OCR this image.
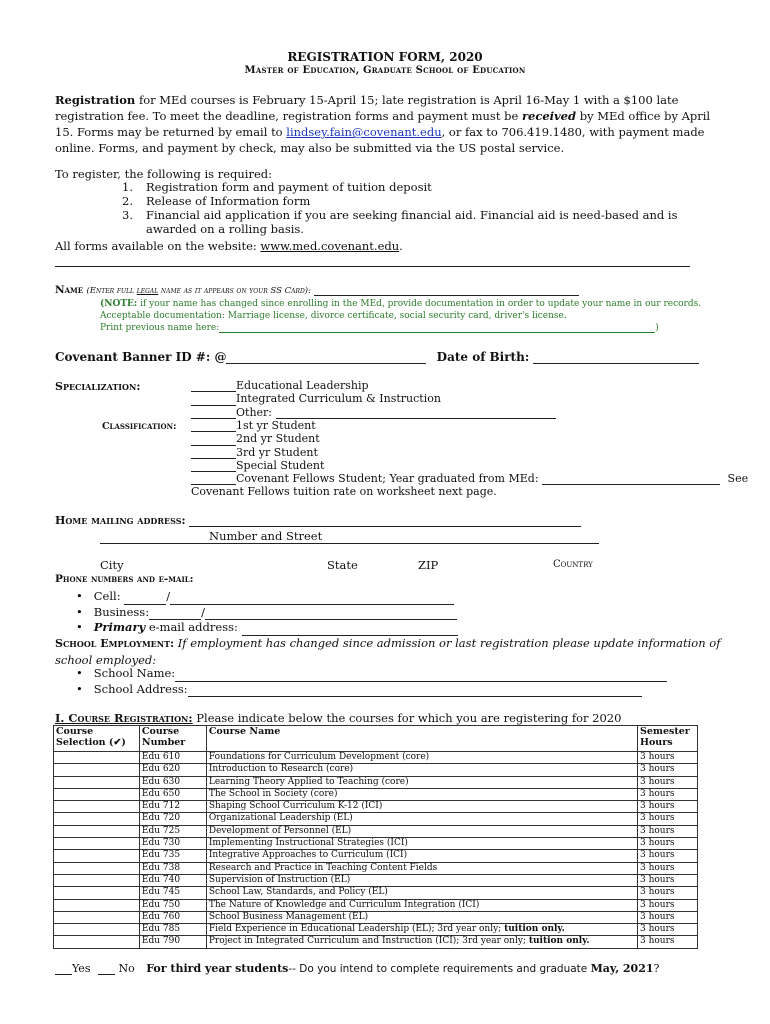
REGISTRATION FORM, 2020
Master of Education, Graduate School of Education
Registration for MEd courses is February 15-April 15; late registration is April 16-May 1 with a $100 late registration fee. To meet the deadline, registration forms and payment must be received by MEd office by April 15. Forms may be returned by email to lindsey.fain@covenant.edu, or fax to 706.419.1480, with payment made online. Forms, and payment by check, may also be submitted via the US postal service.
To register, the following is required:
1.	Registration form and payment of tuition deposit
2.	Release of Information form
3.	Financial aid application if you are seeking financial aid. Financial aid is need-based and is awarded on a rolling basis.
All forms available on the website: www.med.covenant.edu.
Name (Enter full legal name as it appears on your SS Card):
(NOTE: if your name has changed since enrolling in the MEd, provide documentation in order to update your name in our records.
Acceptable documentation: Marriage license, divorce certificate, social security card, driver's license.
Print previous name here:	)
Covenant Banner ID #: @	Date of Birth:
Specialization:	Educational Leadership
Integrated Curriculum & Instruction
Other:
Classification:	1st yr Student
2nd yr Student
3rd yr Student
Special Student
Covenant Fellows Student; Year graduated from MEd:	See
Covenant Fellows tuition rate on worksheet next page.
Home mailing address:
Number and Street
City	State	ZIP	Country
Phone numbers and e-mail:
•   Cell:	/
•   Business:	/
•   Primary e-mail address:
School Employment: If employment has changed since admission or last registration please update information of school employed:
•   School Name:
•   School Address:
I. Course Registration: Please indicate below the courses for which you are registering for 2020
Course Selection (✔)	Course Number	Course Name	Semester Hours
	Edu 610	Foundations for Curriculum Development (core)	3 hours
	Edu 620	Introduction to Research (core)	3 hours
	Edu 630	Learning Theory Applied to Teaching (core)	3 hours
	Edu 650	The School in Society (core)	3 hours
	Edu 712	Shaping School Curriculum K-12 (ICI)	3 hours
	Edu 720	Organizational Leadership (EL)	3 hours
	Edu 725	Development of Personnel (EL)	3 hours
	Edu 730	Implementing Instructional Strategies (ICI)	3 hours
	Edu 735	Integrative Approaches to Curriculum (ICI)	3 hours
	Edu 738	Research and Practice in Teaching Content Fields	3 hours
	Edu 740	Supervision of Instruction (EL)	3 hours
	Edu 745	School Law, Standards, and Policy (EL)	3 hours
	Edu 750	The Nature of Knowledge and Curriculum Integration (ICI)	3 hours
	Edu 760	School Business Management (EL)	3 hours
	Edu 785	Field Experience in Educational Leadership (EL); 3rd year only; tuition only.	3 hours
	Edu 790	Project in Integrated Curriculum and Instruction (ICI); 3rd year only; tuition only.	3 hours
Yes	No For third year students-- Do you intend to complete requirements and graduate May, 2021?
